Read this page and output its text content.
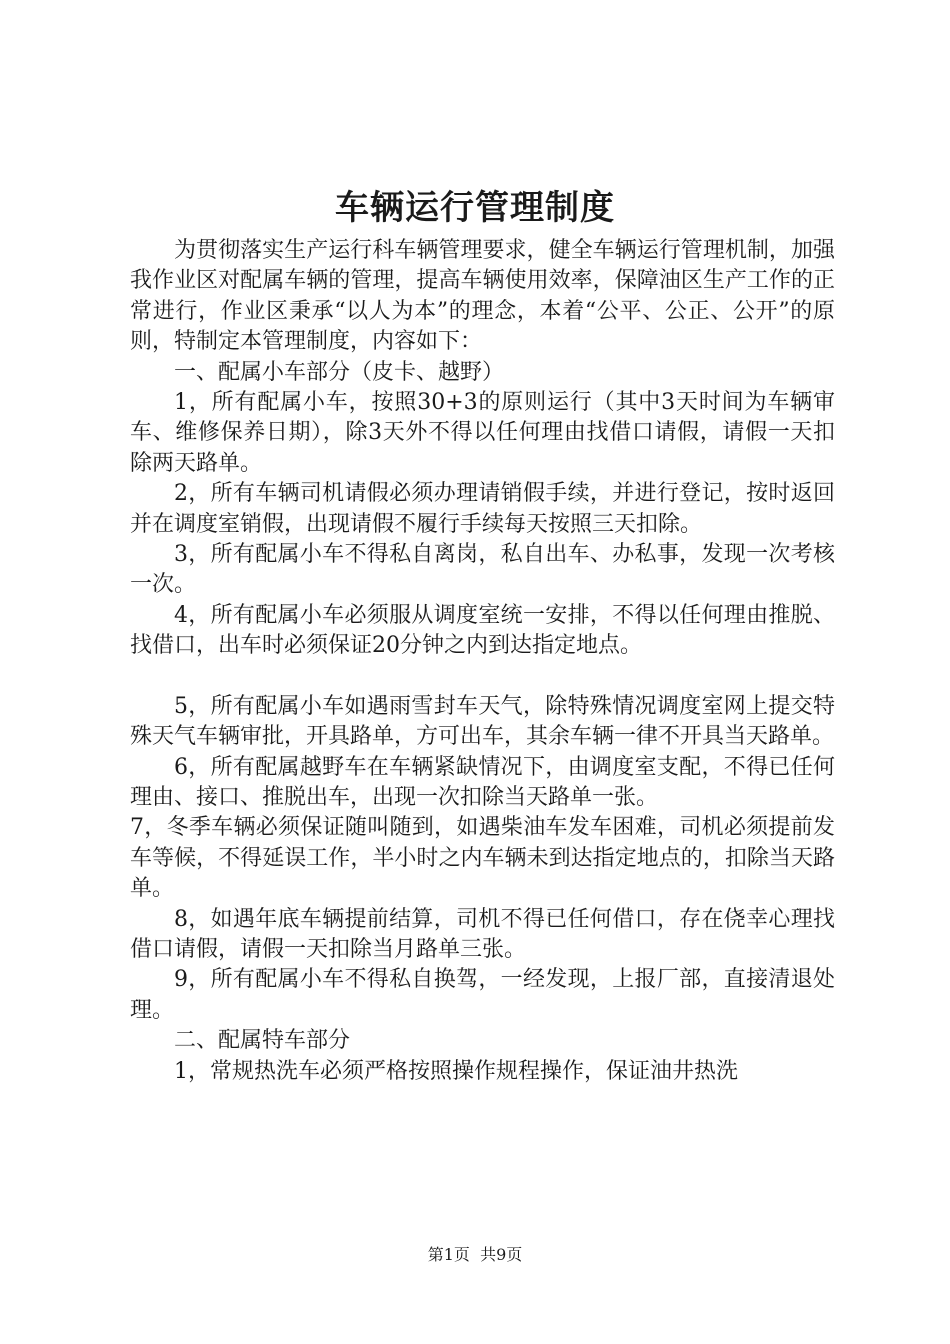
车辆运行管理制度

为贯彻落实生产运行科车辆管理要求，健全车辆运行管理机制，加强我作业区对配属车辆的管理，提高车辆使用效率，保障油区生产工作的正常进行，作业区秉承“以人为本”的理念，本着“公平、公正、公开”的原则，特制定本管理制度，内容如下：

一、配属小车部分（皮卡、越野）

1，所有配属小车，按照30+3的原则运行（其中3天时间为车辆审车、维修保养日期），除3天外不得以任何理由找借口请假，请假一天扣除两天路单。

2，所有车辆司机请假必须办理请销假手续，并进行登记，按时返回并在调度室销假，出现请假不履行手续每天按照三天扣除。

3，所有配属小车不得私自离岗，私自出车、办私事，发现一次考核一次。

4，所有配属小车必须服从调度室统一安排，不得以任何理由推脱、找借口，出车时必须保证20分钟之内到达指定地点。

5，所有配属小车如遇雨雪封车天气，除特殊情况调度室网上提交特殊天气车辆审批，开具路单，方可出车，其余车辆一律不开具当天路单。

6，所有配属越野车在车辆紧缺情况下，由调度室支配，不得已任何理由、接口、推脱出车，出现一次扣除当天路单一张。

7，冬季车辆必须保证随叫随到，如遇柴油车发车困难，司机必须提前发车等候，不得延误工作，半小时之内车辆未到达指定地点的，扣除当天路单。

8，如遇年底车辆提前结算，司机不得已任何借口，存在侥幸心理找借口请假，请假一天扣除当月路单三张。

9，所有配属小车不得私自换驾，一经发现，上报厂部，直接清退处理。

二、配属特车部分

1，常规热洗车必须严格按照操作规程操作，保证油井热洗

第1页 共9页
